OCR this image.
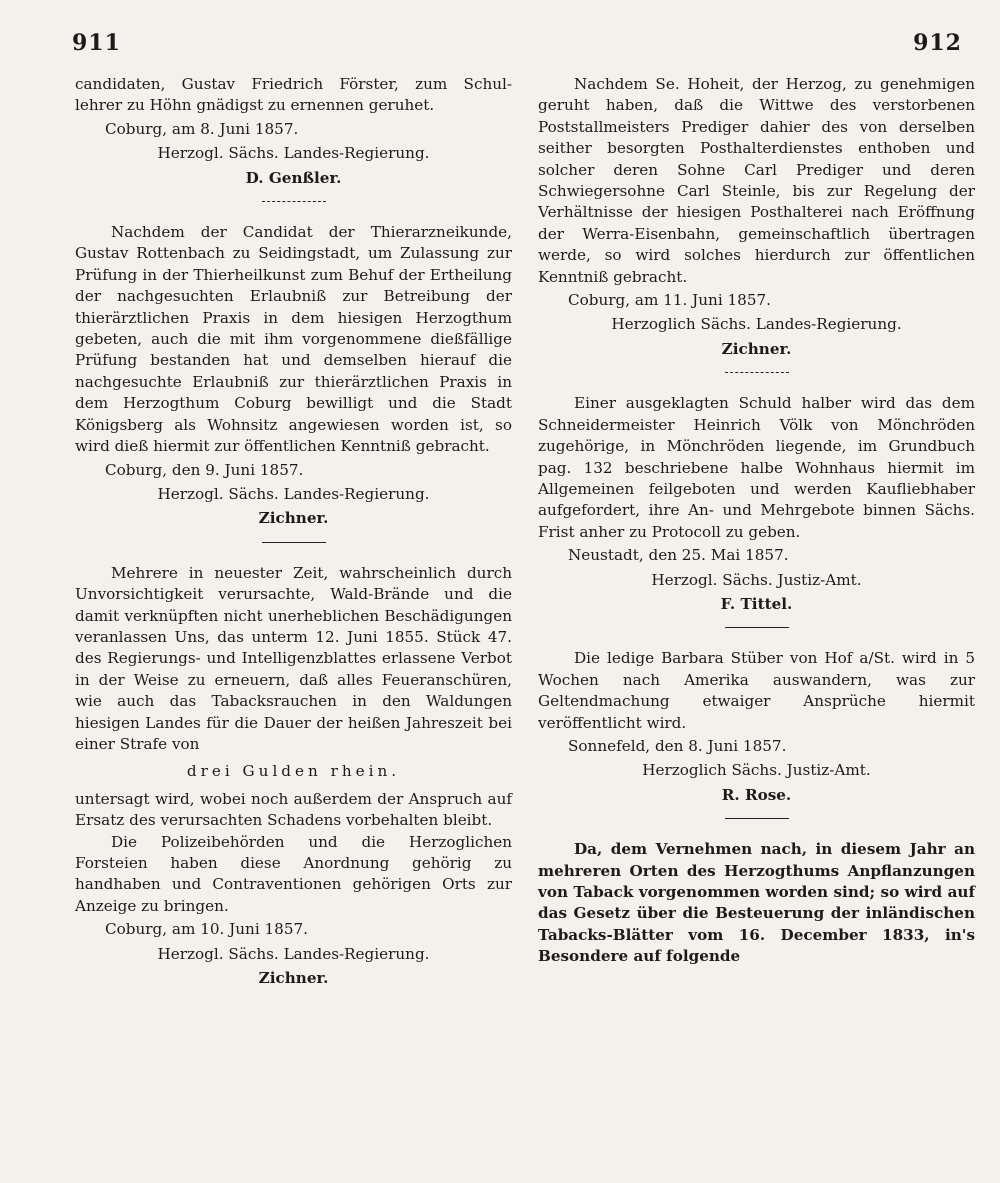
911	912
candidaten, Gustav Friedrich Förster, zum Schul-
lehrer zu Höhn gnädigst zu ernennen geruhet.
Coburg, am 8. Juni 1857.
Herzogl. Sächs. Landes-Regierung.
D. Genßler.

Nachdem der Candidat der Thierarzneikunde, Gustav Rottenbach zu Seidingstadt, um Zulassung zur Prüfung in der Thierheilkunst zum Behuf der Ertheilung der nachgesuchten Erlaubniß zur Betreibung der thierärztlichen Praxis in dem hiesigen Herzogthum gebeten, auch die mit ihm vorgenommene dießfällige Prüfung bestanden hat und demselben hierauf die nachgesuchte Erlaubniß zur thierärztlichen Praxis in dem Herzogthum Coburg bewilligt und die Stadt Königsberg als Wohnsitz angewiesen worden ist, so wird dieß hiermit zur öffentlichen Kenntniß gebracht.

Coburg, den 9. Juni 1857.
Herzogl. Sächs. Landes-Regierung.
Zichner.

Mehrere in neuester Zeit, wahrscheinlich durch Unvorsichtigkeit verursachte, Wald-Brände und die damit verknüpften nicht unerheblichen Beschädigungen veranlassen Uns, das unterm 12. Juni 1855. Stück 47. des Regierungs- und Intelligenzblattes erlassene Verbot in der Weise zu erneuern, daß alles Feueranschüren, wie auch das Tabacksrauchen in den Waldungen hiesigen Landes für die Dauer der heißen Jahreszeit bei einer Strafe von

drei Gulden rhein.

untersagt wird, wobei noch außerdem der Anspruch auf Ersatz des verursachten Schadens vorbehalten bleibt.

Die Polizeibehörden und die Herzoglichen Forsteien haben diese Anordnung gehörig zu handhaben und Contraventionen gehörigen Orts zur Anzeige zu bringen.

Coburg, am 10. Juni 1857.
Herzogl. Sächs. Landes-Regierung.
Zichner.

Nachdem Se. Hoheit, der Herzog, zu genehmigen geruht haben, daß die Wittwe des verstorbenen Poststallmeisters Prediger dahier des von derselben seither besorgten Posthalterdienstes enthoben und solcher deren Sohne Carl Prediger und deren Schwiegersohne Carl Steinle, bis zur Regelung der Verhältnisse der hiesigen Posthalterei nach Eröffnung der Werra-Eisenbahn, gemeinschaftlich übertragen werde, so wird solches hierdurch zur öffentlichen Kenntniß gebracht.

Coburg, am 11. Juni 1857.
Herzoglich Sächs. Landes-Regierung.
Zichner.

Einer ausgeklagten Schuld halber wird das dem Schneidermeister Heinrich Völk von Mönchröden zugehörige, in Mönchröden liegende, im Grundbuch pag. 132 beschriebene halbe Wohnhaus hiermit im Allgemeinen feilgeboten und werden Kaufliebhaber aufgefordert, ihre An- und Mehrgebote binnen Sächs. Frist anher zu Protocoll zu geben.

Neustadt, den 25. Mai 1857.
Herzogl. Sächs. Justiz-Amt.
F. Tittel.

Die ledige Barbara Stüber von Hof a/St. wird in 5 Wochen nach Amerika auswandern, was zur Geltendmachung etwaiger Ansprüche hiermit veröffentlicht wird.

Sonnefeld, den 8. Juni 1857.
Herzoglich Sächs. Justiz-Amt.
R. Rose.

Da, dem Vernehmen nach, in diesem Jahr an mehreren Orten des Herzogthums Anpflanzungen von Taback vorgenommen worden sind; so wird auf das Gesetz über die Besteuerung der inländischen Tabacks-Blätter vom 16. December 1833, in's Besondere auf folgende
